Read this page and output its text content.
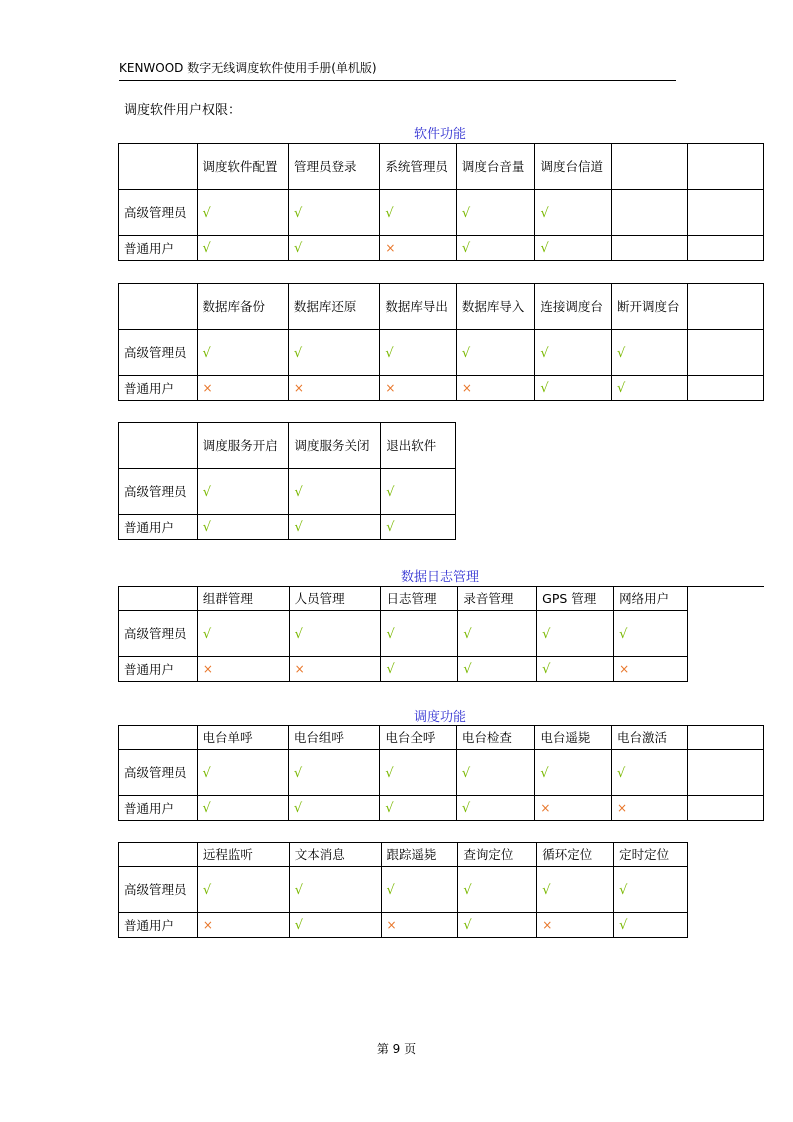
KENWOOD 数字无线调度软件使用手册(单机版)
调度软件用户权限：
软件功能
	调度软件配置	管理员登录	系统管理员	调度台音量	调度台信道		
高级管理员	√	√	√	√	√		
普通用户	√	√	×	√	√		
	数据库备份	数据库还原	数据库导出	数据库导入	连接调度台	断开调度台	
高级管理员	√	√	√	√	√	√	
普通用户	×	×	×	×	√	√	
	调度服务开启	调度服务关闭	退出软件
高级管理员	√	√	√
普通用户	√	√	√
数据日志管理
	组群管理	人员管理	日志管理	录音管理	GPS 管理	网络用户
高级管理员	√	√	√	√	√	√
普通用户	×	×	√	√	√	×
调度功能
	电台单呼	电台组呼	电台全呼	电台检查	电台遥毙	电台激活	
高级管理员	√	√	√	√	√	√	
普通用户	√	√	√	√	×	×	
	远程监听	文本消息	跟踪遥毙	查询定位	循环定位	定时定位
高级管理员	√	√	√	√	√	√
普通用户	×	√	×	√	×	√
第 9 页
